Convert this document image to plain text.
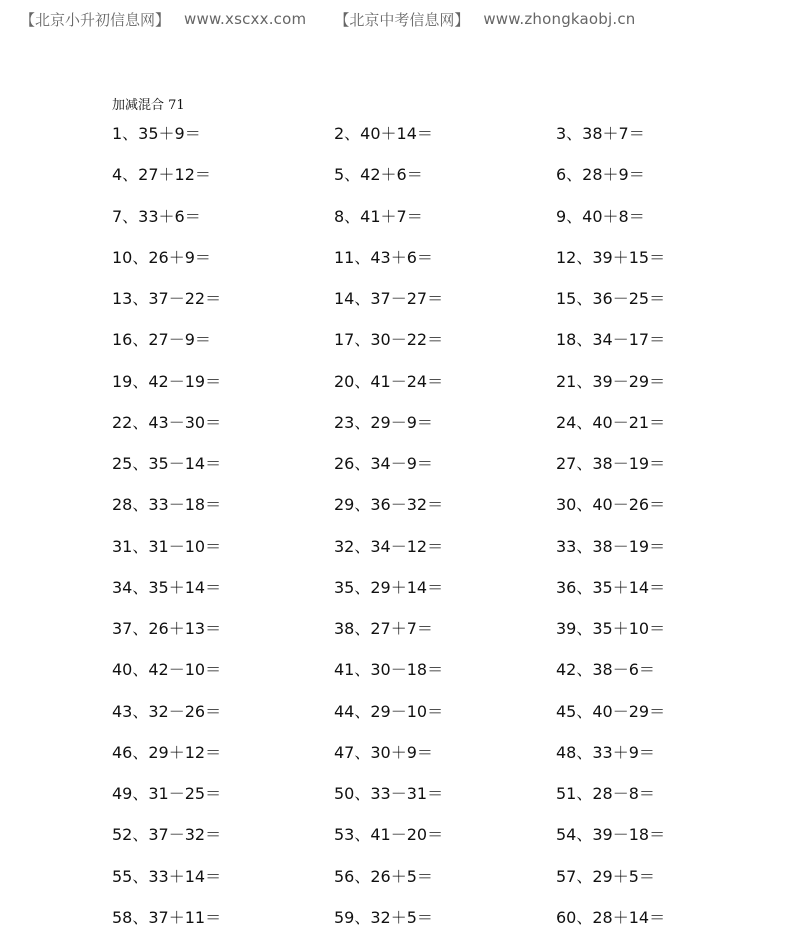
【北京小升初信息网】 www.xscxx.com 【北京中考信息网】 www.zhongkaobj.cn
加减混合 71
1、35＋9＝	2、40＋14＝	3、38＋7＝
4、27＋12＝	5、42＋6＝	6、28＋9＝
7、33＋6＝	8、41＋7＝	9、40＋8＝
10、26＋9＝	11、43＋6＝	12、39＋15＝
13、37－22＝	14、37－27＝	15、36－25＝
16、27－9＝	17、30－22＝	18、34－17＝
19、42－19＝	20、41－24＝	21、39－29＝
22、43－30＝	23、29－9＝	24、40－21＝
25、35－14＝	26、34－9＝	27、38－19＝
28、33－18＝	29、36－32＝	30、40－26＝
31、31－10＝	32、34－12＝	33、38－19＝
34、35＋14＝	35、29＋14＝	36、35＋14＝
37、26＋13＝	38、27＋7＝	39、35＋10＝
40、42－10＝	41、30－18＝	42、38－6＝
43、32－26＝	44、29－10＝	45、40－29＝
46、29＋12＝	47、30＋9＝	48、33＋9＝
49、31－25＝	50、33－31＝	51、28－8＝
52、37－32＝	53、41－20＝	54、39－18＝
55、33＋14＝	56、26＋5＝	57、29＋5＝
58、37＋11＝	59、32＋5＝	60、28＋14＝
